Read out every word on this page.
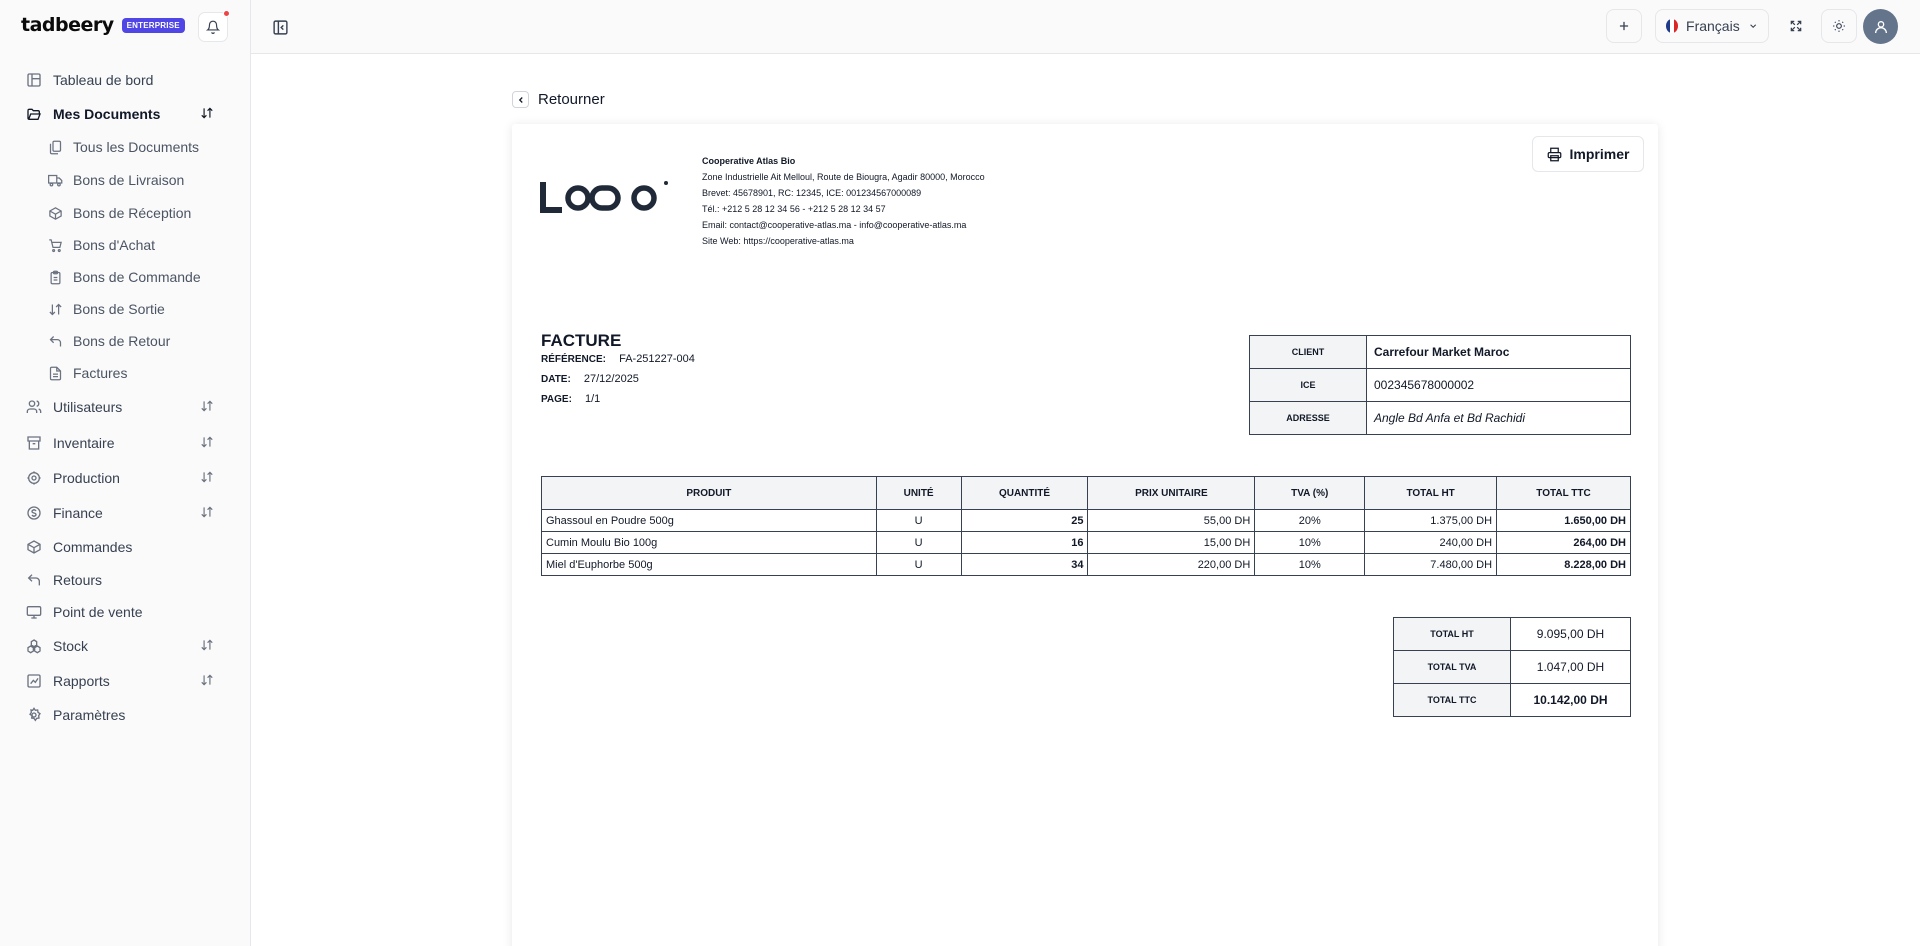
tadbeery	ENTERPRISE
Tableau de bord
Mes Documents
Tous les Documents
Bons de Livraison
Bons de Réception
Bons d'Achat
Bons de Commande
Bons de Sortie
Bons de Retour
Factures
Utilisateurs
Inventaire
Production
Finance
Commandes
Retours
Point de vente
Stock
Rapports
Paramètres
Français
Retourner
Imprimer
Cooperative Atlas Bio
Zone Industrielle Ait Melloul, Route de Biougra, Agadir 80000, Morocco
Brevet: 45678901, RC: 12345, ICE: 001234567000089
Tél.: +212 5 28 12 34 56 - +212 5 28 12 34 57
Email: contact@cooperative-atlas.ma - info@cooperative-atlas.ma
Site Web: https://cooperative-atlas.ma
FACTURE
RÉFÉRENCE: FA-251227-004
DATE: 27/12/2025
PAGE: 1/1
CLIENT	Carrefour Market Maroc
ICE	002345678000002
ADRESSE	Angle Bd Anfa et Bd Rachidi
PRODUIT	UNITÉ	QUANTITÉ	PRIX UNITAIRE	TVA (%)	TOTAL HT	TOTAL TTC
Ghassoul en Poudre 500g	U	25	55,00 DH	20%	1.375,00 DH	1.650,00 DH
Cumin Moulu Bio 100g	U	16	15,00 DH	10%	240,00 DH	264,00 DH
Miel d'Euphorbe 500g	U	34	220,00 DH	10%	7.480,00 DH	8.228,00 DH
TOTAL HT	9.095,00 DH
TOTAL TVA	1.047,00 DH
TOTAL TTC	10.142,00 DH
